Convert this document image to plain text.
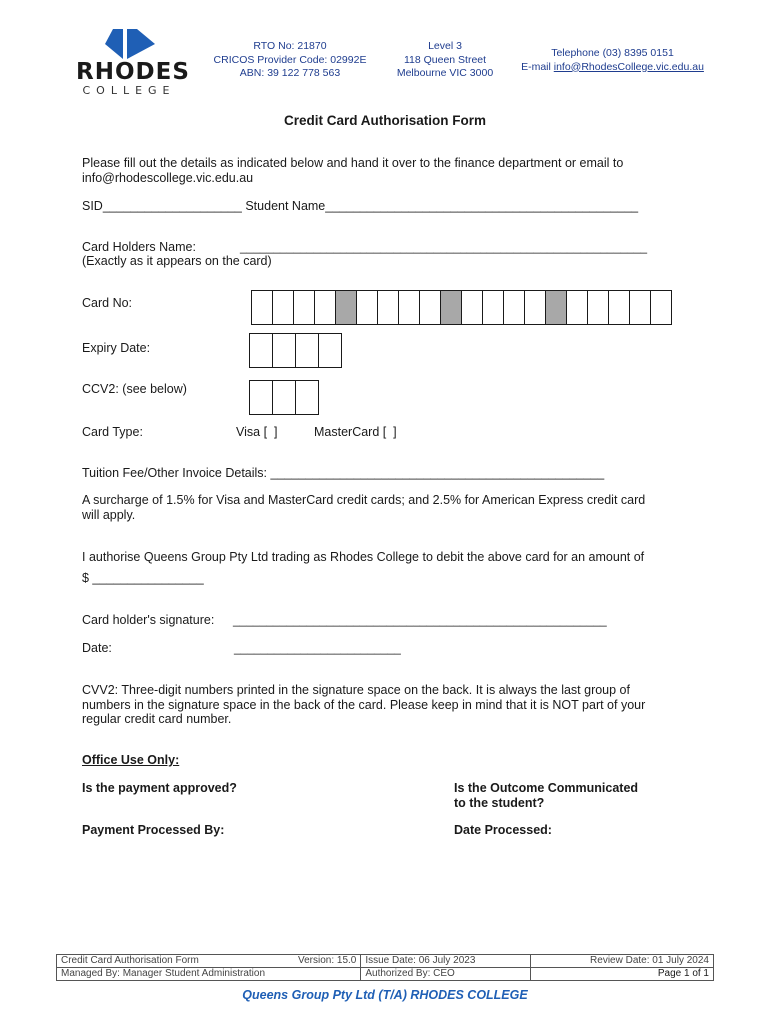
RHODES
COLLEGE
RTO No: 21870
CRICOS Provider Code: 02992E
ABN: 39 122 778 563
Level 3
118 Queen Street
Melbourne VIC 3000
Telephone (03) 8395 0151
E-mail info@RhodesCollege.vic.edu.au
Credit Card Authorisation Form
Please fill out the details as indicated below and hand it over to the finance department or email to
info@rhodescollege.vic.edu.au
SID____________________ Student Name_____________________________________________
Card Holders Name:	_____________________________________________________________
(Exactly as it appears on the card)
Card No:
Expiry Date:
CCV2: (see below)
Card Type:	Visa [  ]	MasterCard [  ]
Tuition Fee/Other Invoice Details: ________________________________________________
A surcharge of 1.5% for Visa and MasterCard credit cards; and 2.5% for American Express credit card
will apply.
I authorise Queens Group Pty Ltd trading as Rhodes College to debit the above card for an amount of
$ ________________
Card holder's signature: ________________________________________________________
Date:	_________________________
CVV2: Three-digit numbers printed in the signature space on the back. It is always the last group of
numbers in the signature space in the back of the card. Please keep in mind that it is NOT part of your
regular credit card number.
Office Use Only:
Is the payment approved?	Is the Outcome Communicated
to the student?
Payment Processed By:	Date Processed:
Credit Card Authorisation Form	Version: 15.0	Issue Date: 06 July 2023	Review Date: 01 July 2024
Managed By: Manager Student Administration		Authorized By: CEO	Page 1 of 1
Queens Group Pty Ltd (T/A) RHODES COLLEGE
